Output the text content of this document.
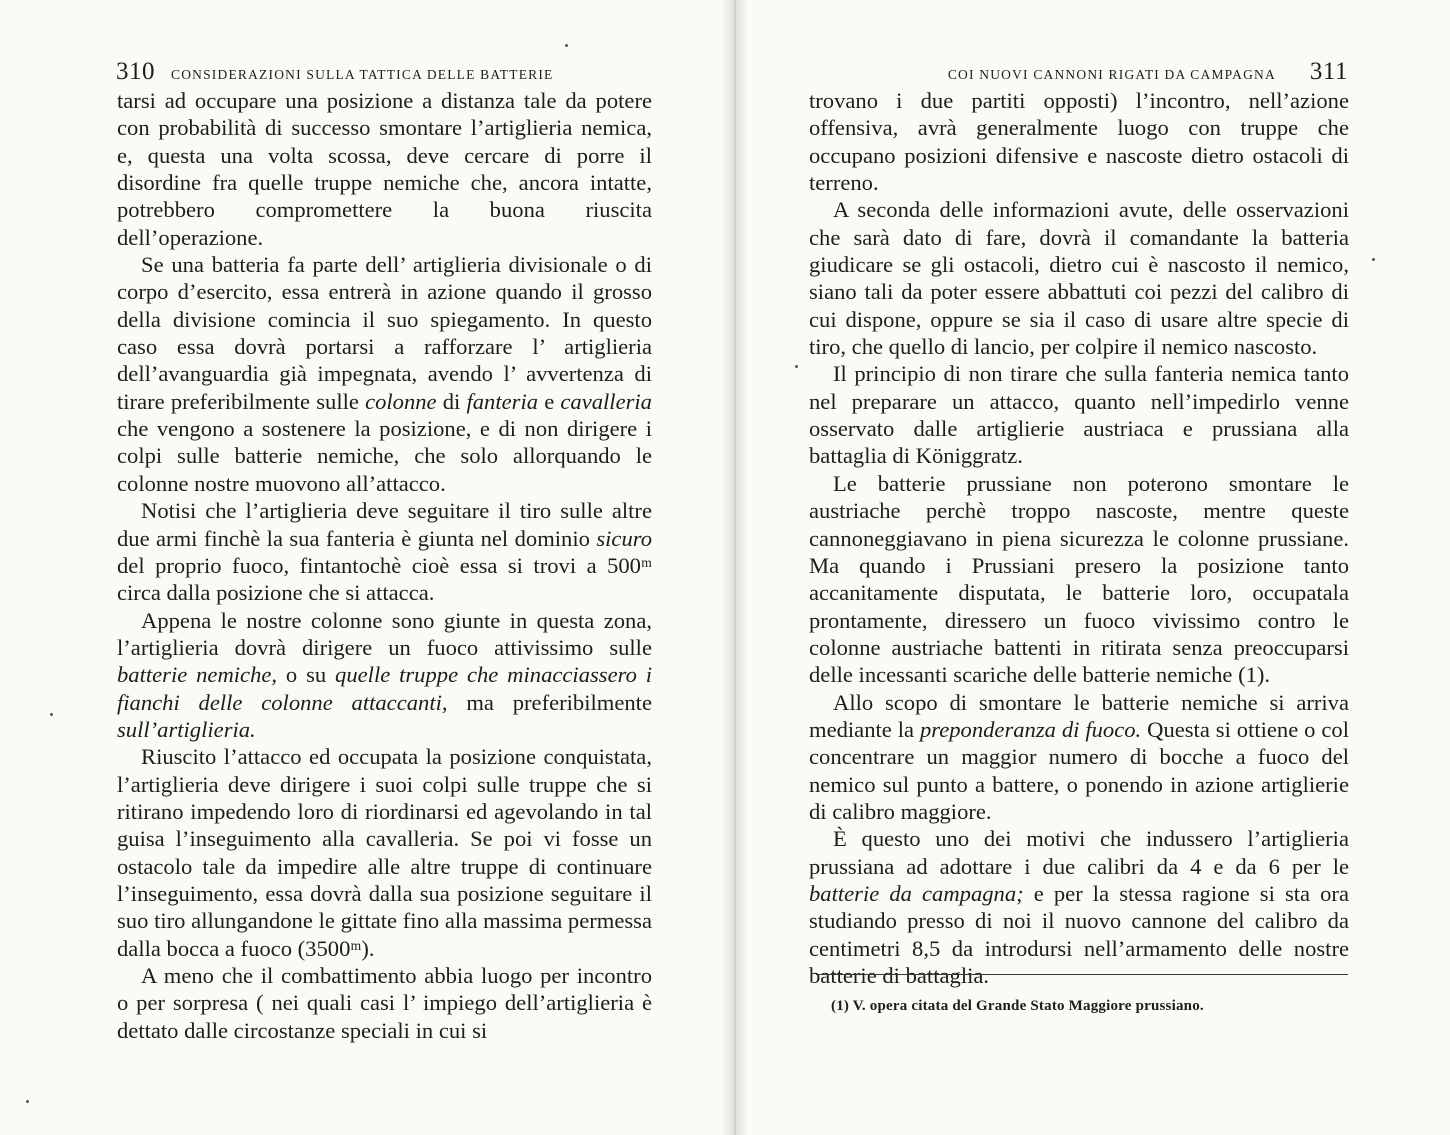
310 CONSIDERAZIONI SULLA TATTICA DELLE BATTERIE

tarsi ad occupare una posizione a distanza tale da potere con probabilità di successo smontare l’artiglieria nemica, e, questa una volta scossa, deve cercare di porre il disordine fra quelle truppe nemiche che, ancora intatte, potrebbero compromettere la buona riuscita dell’operazione.

Se una batteria fa parte dell’ artiglieria divisionale o di corpo d’esercito, essa entrerà in azione quando il grosso della divisione comincia il suo spiegamento. In questo caso essa dovrà portarsi a rafforzare l’ artiglieria dell’avanguardia già impegnata, avendo l’ avvertenza di tirare preferibilmente sulle colonne di fanteria e cavalleria che vengono a sostenere la posizione, e di non dirigere i colpi sulle batterie nemiche, che solo allorquando le colonne nostre muovono all’attacco.

Notisi che l’artiglieria deve seguitare il tiro sulle altre due armi finchè la sua fanteria è giunta nel dominio sicuro del proprio fuoco, fintantochè cioè essa si trovi a 500ᵐ circa dalla posizione che si attacca.

Appena le nostre colonne sono giunte in questa zona, l’artiglieria dovrà dirigere un fuoco attivissimo sulle batterie nemiche, o su quelle truppe che minacciassero i fianchi delle colonne attaccanti, ma preferibilmente sull’artiglieria.

Riuscito l’attacco ed occupata la posizione conquistata, l’artiglieria deve dirigere i suoi colpi sulle truppe che si ritirano impedendo loro di riordinarsi ed agevolando in tal guisa l’inseguimento alla cavalleria. Se poi vi fosse un ostacolo tale da impedire alle altre truppe di continuare l’inseguimento, essa dovrà dalla sua posizione seguitare il suo tiro allungandone le gittate fino alla massima permessa dalla bocca a fuoco (3500ᵐ).

A meno che il combattimento abbia luogo per incontro o per sorpresa ( nei quali casi l’ impiego dell’artiglieria è dettato dalle circostanze speciali in cui si

COI NUOVI CANNONI RIGATI DA CAMPAGNA 311

trovano i due partiti opposti) l’incontro, nell’azione offensiva, avrà generalmente luogo con truppe che occupano posizioni difensive e nascoste dietro ostacoli di terreno.

A seconda delle informazioni avute, delle osservazioni che sarà dato di fare, dovrà il comandante la batteria giudicare se gli ostacoli, dietro cui è nascosto il nemico, siano tali da poter essere abbattuti coi pezzi del calibro di cui dispone, oppure se sia il caso di usare altre specie di tiro, che quello di lancio, per colpire il nemico nascosto.

Il principio di non tirare che sulla fanteria nemica tanto nel preparare un attacco, quanto nell’impedirlo venne osservato dalle artiglierie austriaca e prussiana alla battaglia di Königgratz.

Le batterie prussiane non poterono smontare le austriache perchè troppo nascoste, mentre queste cannoneggiavano in piena sicurezza le colonne prussiane. Ma quando i Prussiani presero la posizione tanto accanitamente disputata, le batterie loro, occupatala prontamente, diressero un fuoco vivissimo contro le colonne austriache battenti in ritirata senza preoccuparsi delle incessanti scariche delle batterie nemiche (1).

Allo scopo di smontare le batterie nemiche si arriva mediante la preponderanza di fuoco. Questa si ottiene o col concentrare un maggior numero di bocche a fuoco del nemico sul punto a battere, o ponendo in azione artiglierie di calibro maggiore.

È questo uno dei motivi che indussero l’artiglieria prussiana ad adottare i due calibri da 4 e da 6 per le batterie da campagna; e per la stessa ragione si sta ora studiando presso di noi il nuovo cannone del calibro da centimetri 8,5 da introdursi nell’armamento delle nostre batterie di battaglia.

(1) V. opera citata del Grande Stato Maggiore prussiano.
